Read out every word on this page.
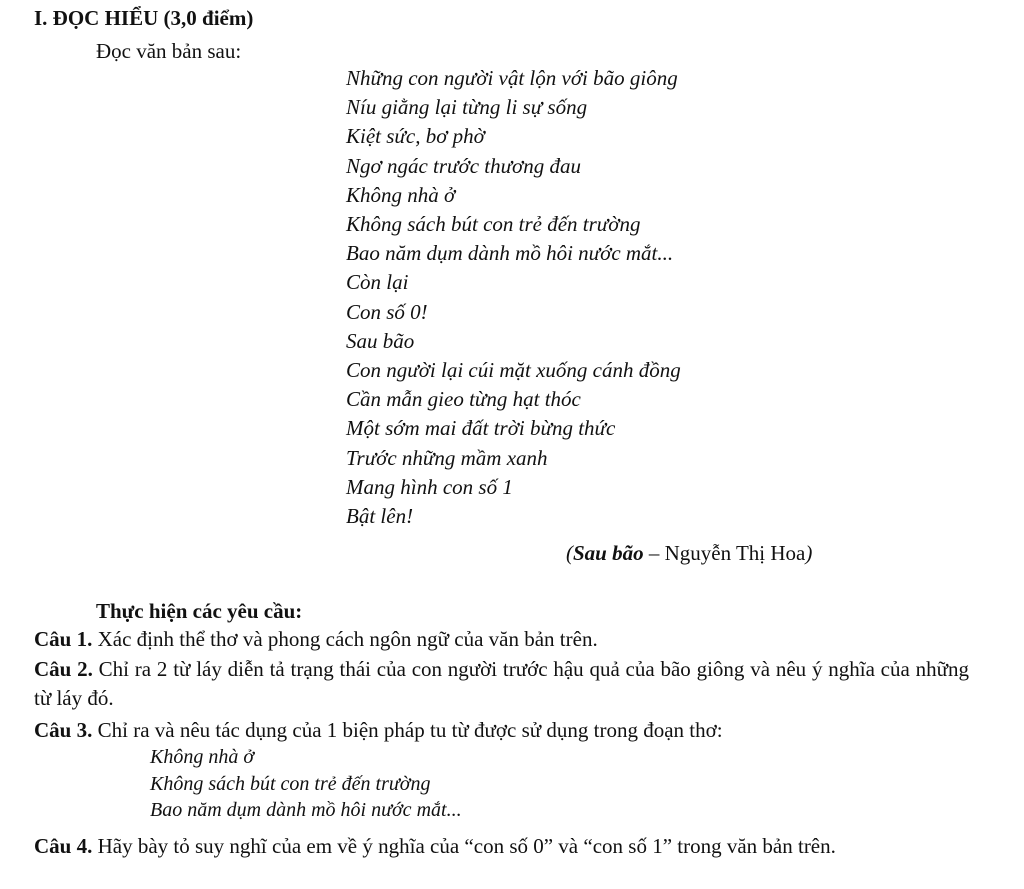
I. ĐỌC HIỂU (3,0 điểm)
Đọc văn bản sau:
Những con người vật lộn với bão giông
Níu giằng lại từng li sự sống
Kiệt sức, bơ phờ
Ngơ ngác trước thương đau
Không nhà ở
Không sách bút con trẻ đến trường
Bao năm dụm dành mồ hôi nước mắt...
Còn lại
Con số 0!
Sau bão
Con người lại cúi mặt xuống cánh đồng
Cần mẫn gieo từng hạt thóc
Một sớm mai đất trời bừng thức
Trước những mầm xanh
Mang hình con số 1
Bật lên!
(Sau bão – Nguyễn Thị Hoa)
Thực hiện các yêu cầu:
Câu 1. Xác định thể thơ và phong cách ngôn ngữ của văn bản trên.
Câu 2. Chỉ ra 2 từ láy diễn tả trạng thái của con người trước hậu quả của bão giông và nêu ý nghĩa của những từ láy đó.
Câu 3. Chỉ ra và nêu tác dụng của 1 biện pháp tu từ được sử dụng trong đoạn thơ:
Không nhà ở
Không sách bút con trẻ đến trường
Bao năm dụm dành mồ hôi nước mắt...
Câu 4. Hãy bày tỏ suy nghĩ của em về ý nghĩa của “con số 0” và “con số 1” trong văn bản trên.
